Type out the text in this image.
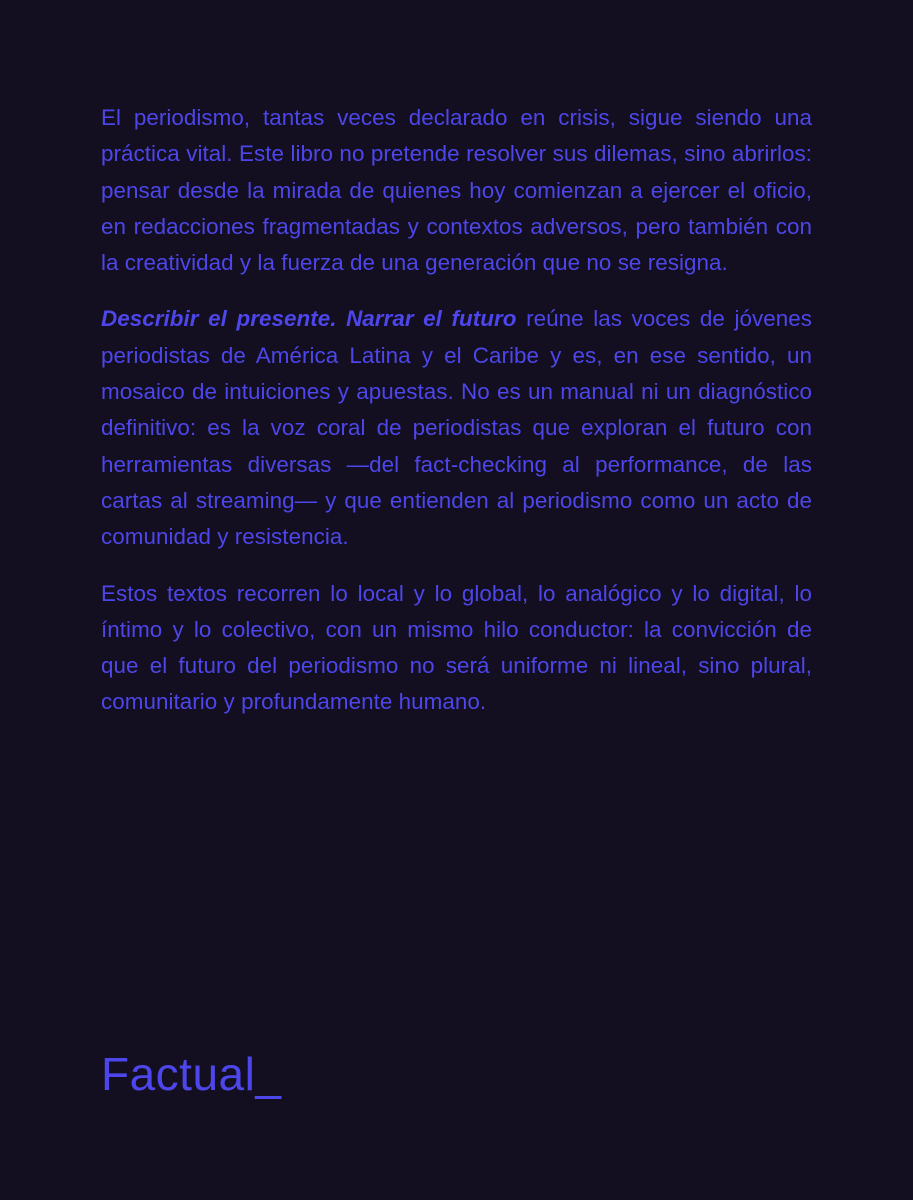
El periodismo, tantas veces declarado en crisis, sigue siendo una práctica vital. Este libro no pretende resolver sus dilemas, sino abrirlos: pensar desde la mirada de quienes hoy comienzan a ejercer el oficio, en redacciones fragmentadas y contextos adversos, pero también con la creatividad y la fuerza de una generación que no se resigna.

Describir el presente. Narrar el futuro reúne las voces de jóvenes periodistas de América Latina y el Caribe y es, en ese sentido, un mosaico de intuiciones y apuestas. No es un manual ni un diagnóstico definitivo: es la voz coral de periodistas que exploran el futuro con herramientas diversas —del fact-checking al performance, de las cartas al streaming— y que entienden al periodismo como un acto de comunidad y resistencia.

Estos textos recorren lo local y lo global, lo analógico y lo digital, lo íntimo y lo colectivo, con un mismo hilo conductor: la convicción de que el futuro del periodismo no será uniforme ni lineal, sino plural, comunitario y profundamente humano.

Factual_
